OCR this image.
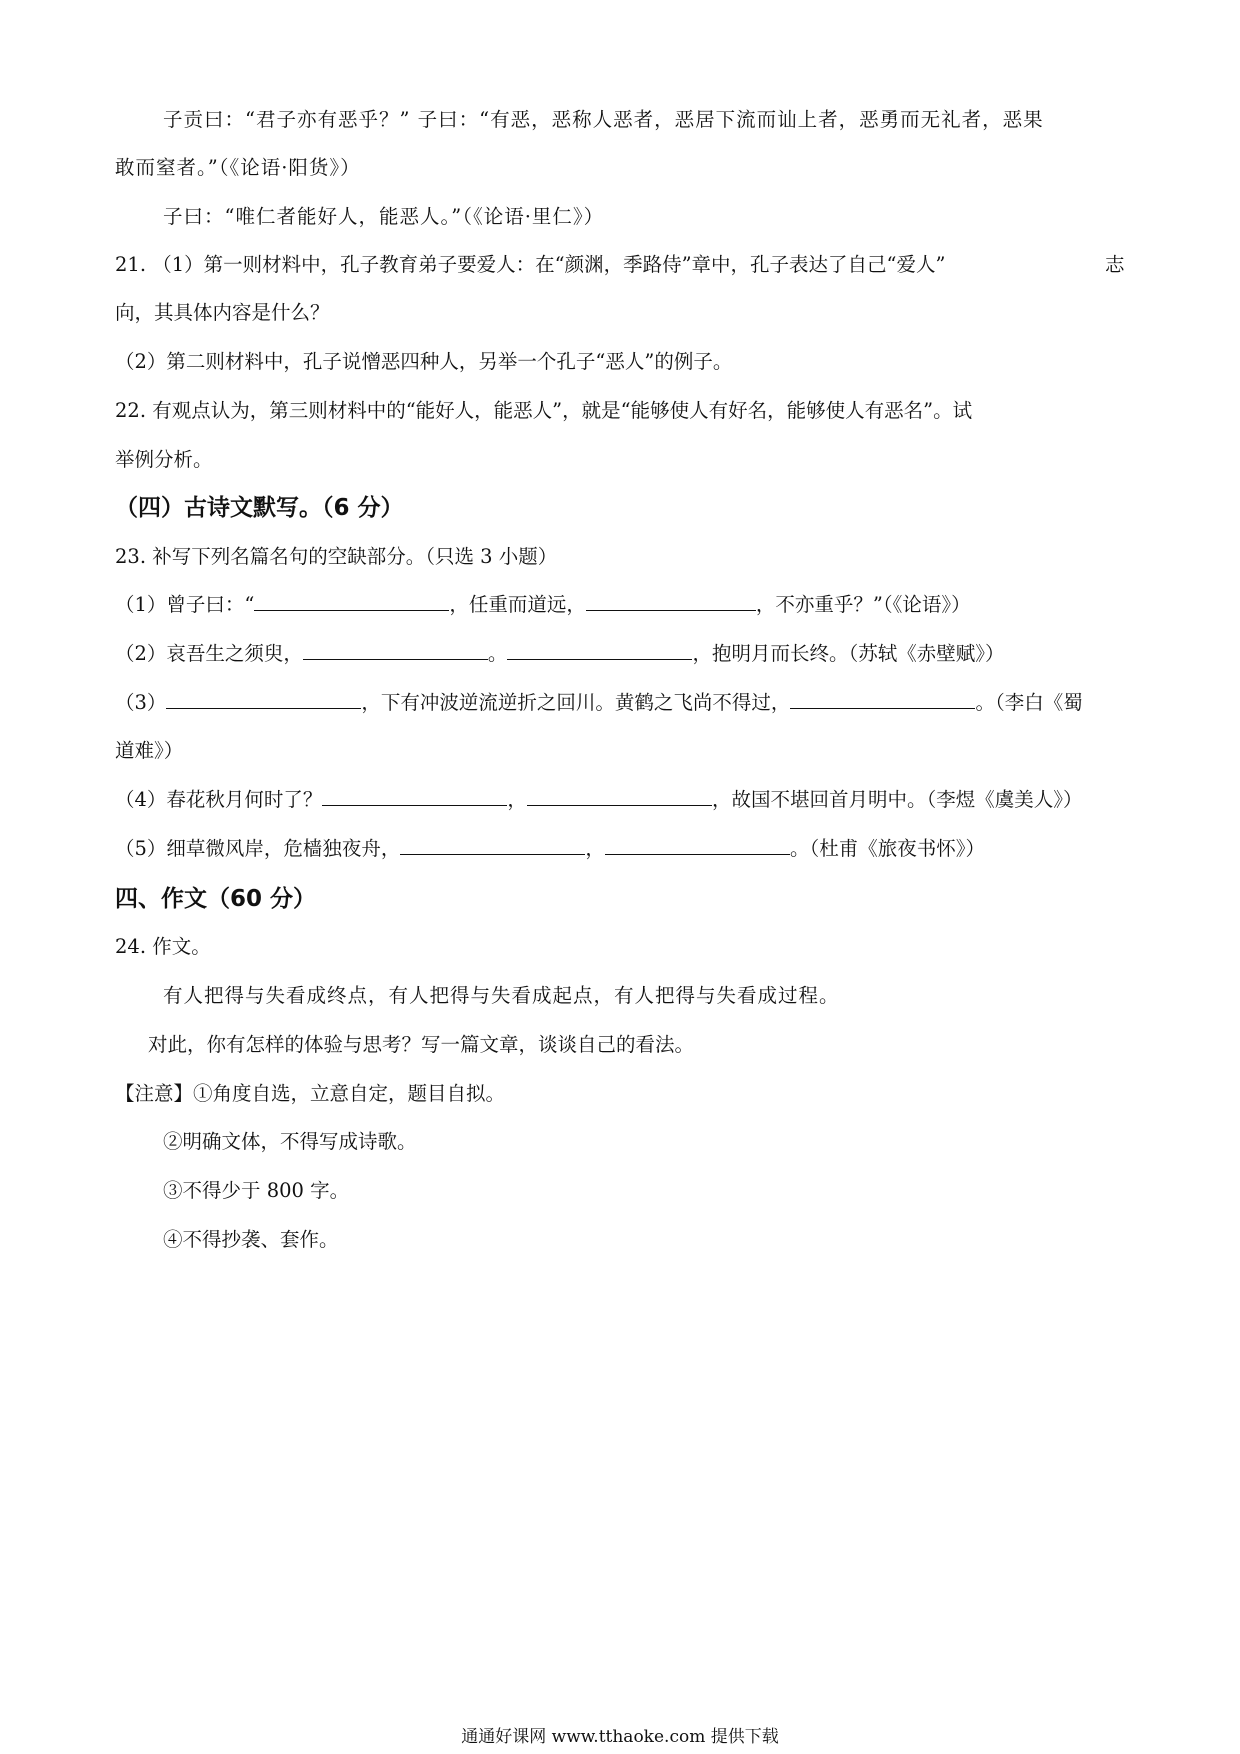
子贡曰：“君子亦有恶乎？” 子曰：“有恶，恶称人恶者，恶居下流而讪上者，恶勇而无礼者，恶果
敢而窒者。”（《论语·阳货》）
子曰：“唯仁者能好人，能恶人。”（《论语·里仁》）
21. （1）第一则材料中，孔子教育弟子要爱人：在“颜渊，季路侍”章中，孔子表达了自己“爱人”	志
向，其具体内容是什么？
（2）第二则材料中，孔子说憎恶四种人，另举一个孔子“恶人”的例子。
22. 有观点认为，第三则材料中的“能好人，能恶人”，就是“能够使人有好名，能够使人有恶名”。试
举例分析。
（四）古诗文默写。（6 分）
23. 补写下列名篇名句的空缺部分。（只选 3 小题）
（1）曾子曰：“	，任重而道远，	，不亦重乎？”（《论语》）
（2）哀吾生之须臾，	。	，抱明月而长终。（苏轼《赤壁赋》）
（3）	，下有冲波逆流逆折之回川。黄鹤之飞尚不得过，	。（李白《蜀
道难》）
（4）春花秋月何时了？	，	，故国不堪回首月明中。（李煜《虞美人》）
（5）细草微风岸，危樯独夜舟，	，	。（杜甫《旅夜书怀》）
四、作文（60 分）
24. 作文。
有人把得与失看成终点，有人把得与失看成起点，有人把得与失看成过程。
对此，你有怎样的体验与思考？写一篇文章，谈谈自己的看法。
【注意】①角度自选，立意自定，题目自拟。
②明确文体，不得写成诗歌。
③不得少于 800 字。
④不得抄袭、套作。
通通好课网 www.tthaoke.com 提供下载
